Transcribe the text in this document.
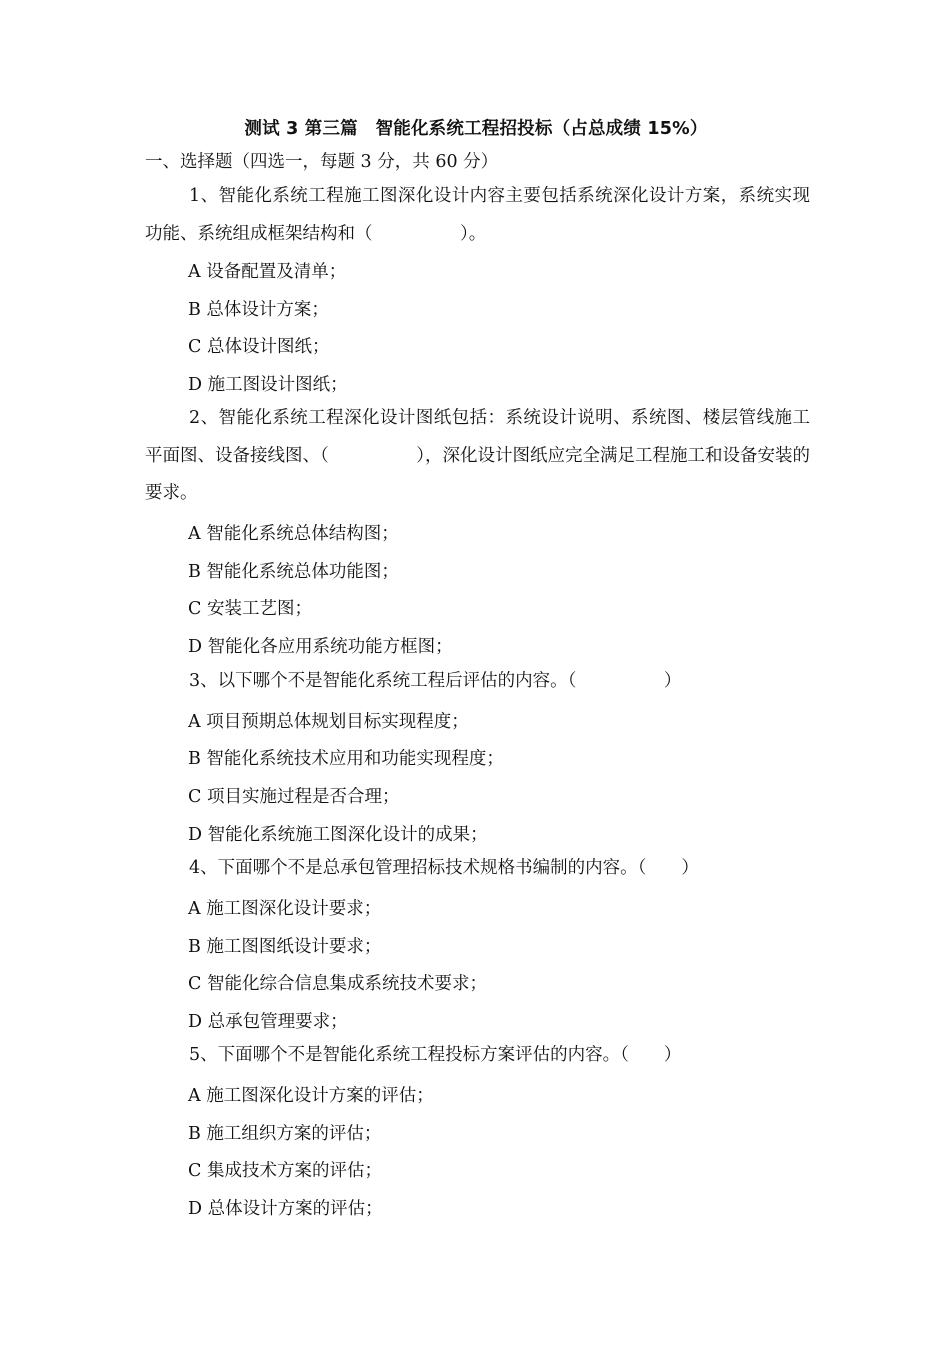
测试 3 第三篇　智能化系统工程招投标（占总成绩 15%）
一、选择题（四选一，每题 3 分，共 60 分）
1、智能化系统工程施工图深化设计内容主要包括系统深化设计方案，系统实现功能、系统组成框架结构和（　　　　　）。
A 设备配置及清单；
B 总体设计方案；
C 总体设计图纸；
D 施工图设计图纸；
2、智能化系统工程深化设计图纸包括：系统设计说明、系统图、楼层管线施工平面图、设备接线图、（　　　　　），深化设计图纸应完全满足工程施工和设备安装的要求。
A 智能化系统总体结构图；
B 智能化系统总体功能图；
C 安装工艺图；
D 智能化各应用系统功能方框图；
3、以下哪个不是智能化系统工程后评估的内容。（　　　　　）
A 项目预期总体规划目标实现程度；
B 智能化系统技术应用和功能实现程度；
C 项目实施过程是否合理；
D 智能化系统施工图深化设计的成果；
4、下面哪个不是总承包管理招标技术规格书编制的内容。（　　）
A 施工图深化设计要求；
B 施工图图纸设计要求；
C 智能化综合信息集成系统技术要求；
D 总承包管理要求；
5、下面哪个不是智能化系统工程投标方案评估的内容。（　　）
A 施工图深化设计方案的评估；
B 施工组织方案的评估；
C 集成技术方案的评估；
D 总体设计方案的评估；
